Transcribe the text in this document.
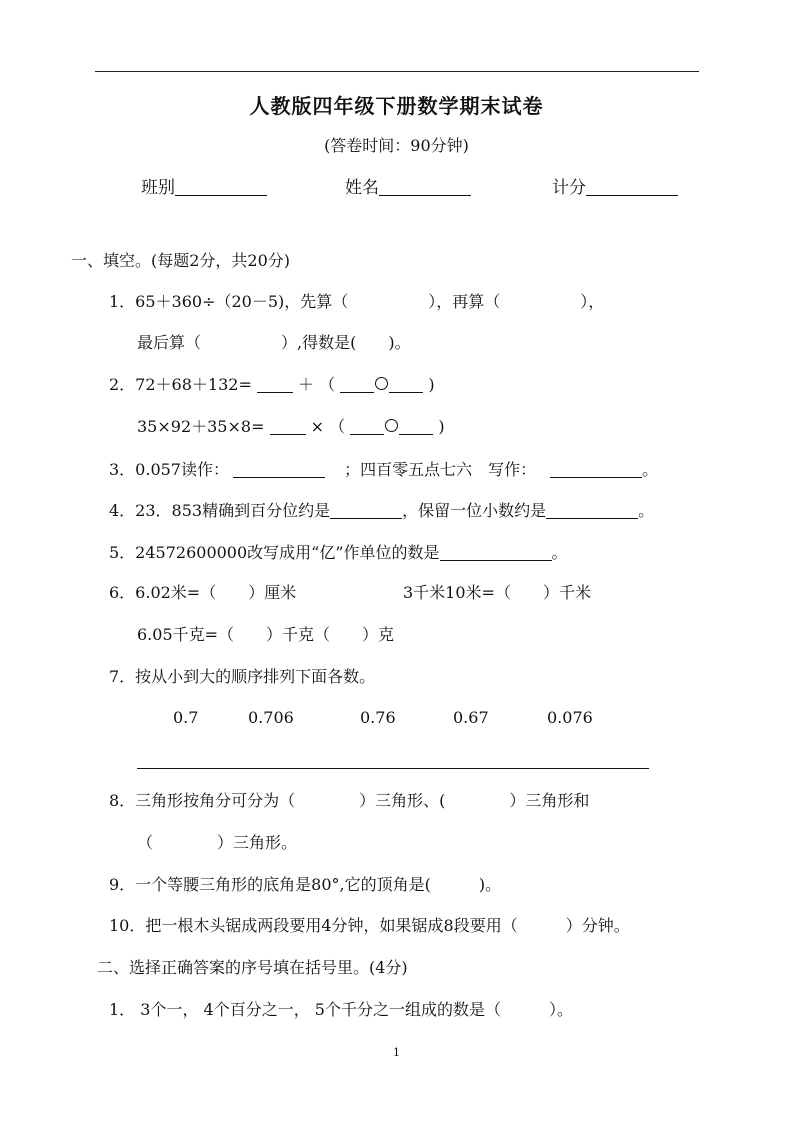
人教版四年级下册数学期末试卷
(答卷时间：90分钟)
班别	姓名	计分
一、填空。(每题2分，共20分)
1．65＋360÷（20－5)，先算（　　　　　），再算（　　　　　），
最后算（　　　　　）,得数是(　　)。
2．72＋68＋132=	＋ （	)
35×92＋35×8=	× （	)
3．0.057读作：	；四百零五点七六　写作：	。
4．23．853精确到百分位约是	，保留一位小数约是	。
5．24572600000改写成用“亿”作单位的数是	。
6．6.02米=（　　）厘米	3千米10米=（　　）千米
6.05千克=（　　）千克（　　）克
7．按从小到大的顺序排列下面各数。
0.7	0.706	0.76	0.67	0.076
8．三角形按角分可分为（　　　　）三角形、(　　　　）三角形和
（　　　　）三角形。
9．一个等腰三角形的底角是80°,它的顶角是(　　　)。
10．把一根木头锯成两段要用4分钟，如果锯成8段要用（　　　）分钟。
二、选择正确答案的序号填在括号里。(4分)
1． 3个一， 4个百分之一， 5个千分之一组成的数是（　　　）。
1
